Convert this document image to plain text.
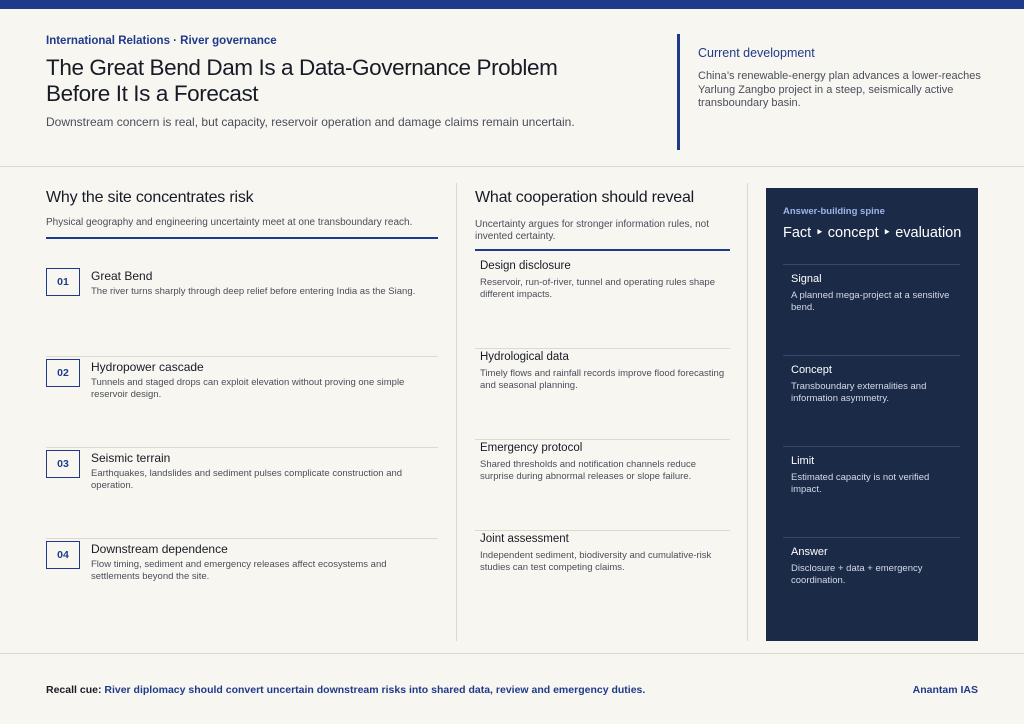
International Relations · River governance
The Great Bend Dam Is a Data-Governance Problem Before It Is a Forecast
Downstream concern is real, but capacity, reservoir operation and damage claims remain uncertain.
Current development
China’s renewable-energy plan advances a lower-reaches Yarlung Zangbo project in a steep, seismically active transboundary basin.
Why the site concentrates risk
Physical geography and engineering uncertainty meet at one transboundary reach.
01	Great Bend
The river turns sharply through deep relief before entering India as the Siang.
02	Hydropower cascade
Tunnels and staged drops can exploit elevation without proving one simple reservoir design.
03	Seismic terrain
Earthquakes, landslides and sediment pulses complicate construction and operation.
04	Downstream dependence
Flow timing, sediment and emergency releases affect ecosystems and settlements beyond the site.
What cooperation should reveal
Uncertainty argues for stronger information rules, not invented certainty.
Design disclosure
Reservoir, run-of-river, tunnel and operating rules shape different impacts.
Hydrological data
Timely flows and rainfall records improve flood forecasting and seasonal planning.
Emergency protocol
Shared thresholds and notification channels reduce surprise during abnormal releases or slope failure.
Joint assessment
Independent sediment, biodiversity and cumulative-risk studies can test competing claims.
Answer-building spine
Fact ‣ concept ‣ evaluation
Signal
A planned mega-project at a sensitive bend.
Concept
Transboundary externalities and information asymmetry.
Limit
Estimated capacity is not verified impact.
Answer
Disclosure + data + emergency coordination.
Recall cue: River diplomacy should convert uncertain downstream risks into shared data, review and emergency duties.	Anantam IAS
